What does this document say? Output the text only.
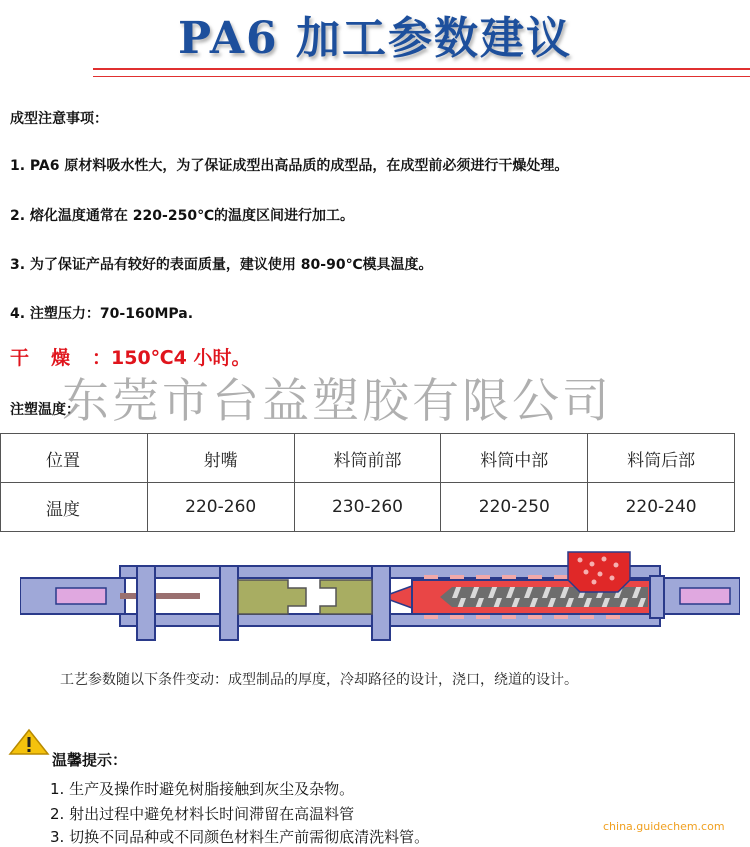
PA6 加工参数建议
成型注意事项：
1. PA6 原材料吸水性大，为了保证成型出高品质的成型品，在成型前必须进行干燥处理。
2. 熔化温度通常在 220-250℃的温度区间进行加工。
3. 为了保证产品有较好的表面质量，建议使用 80-90℃模具温度。
4. 注塑压力：70-160MPa.
干燥：150℃4 小时。
注塑温度：
位置	射嘴	料筒前部	料筒中部	料筒后部
温度	220-260	230-260	220-250	220-240
东莞市台益塑胶有限公司
工艺参数随以下条件变动：成型制品的厚度，冷却路径的设计，浇口，绕道的设计。
温馨提示：
1. 生产及操作时避免树脂接触到灰尘及杂物。
2. 射出过程中避免材料长时间滞留在高温料管
3. 切换不同品种或不同颜色材料生产前需彻底清洗料管。
china.guidechem.com
